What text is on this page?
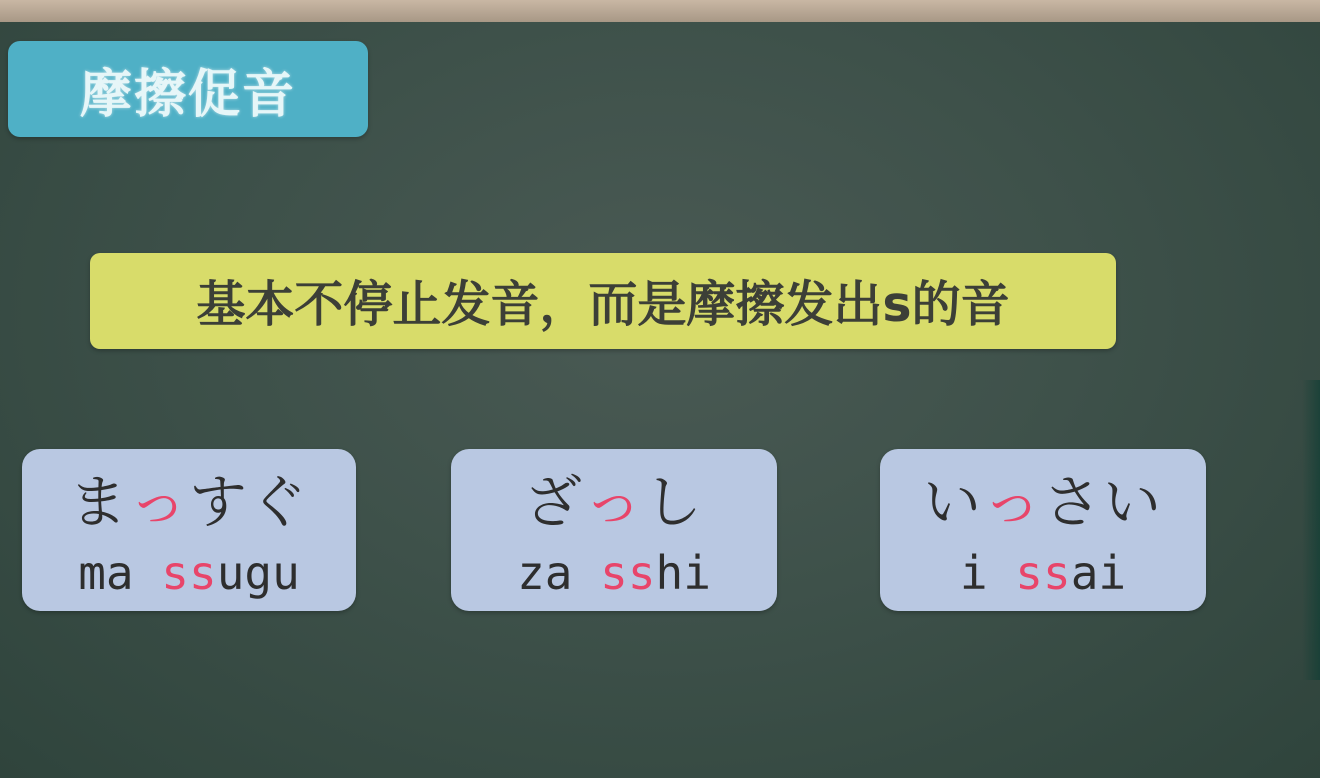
摩擦促音
基本不停止发音，而是摩擦发出s的音
まっすぐ
ma ssugu
ざっし
za sshi
いっさい
i ssai
